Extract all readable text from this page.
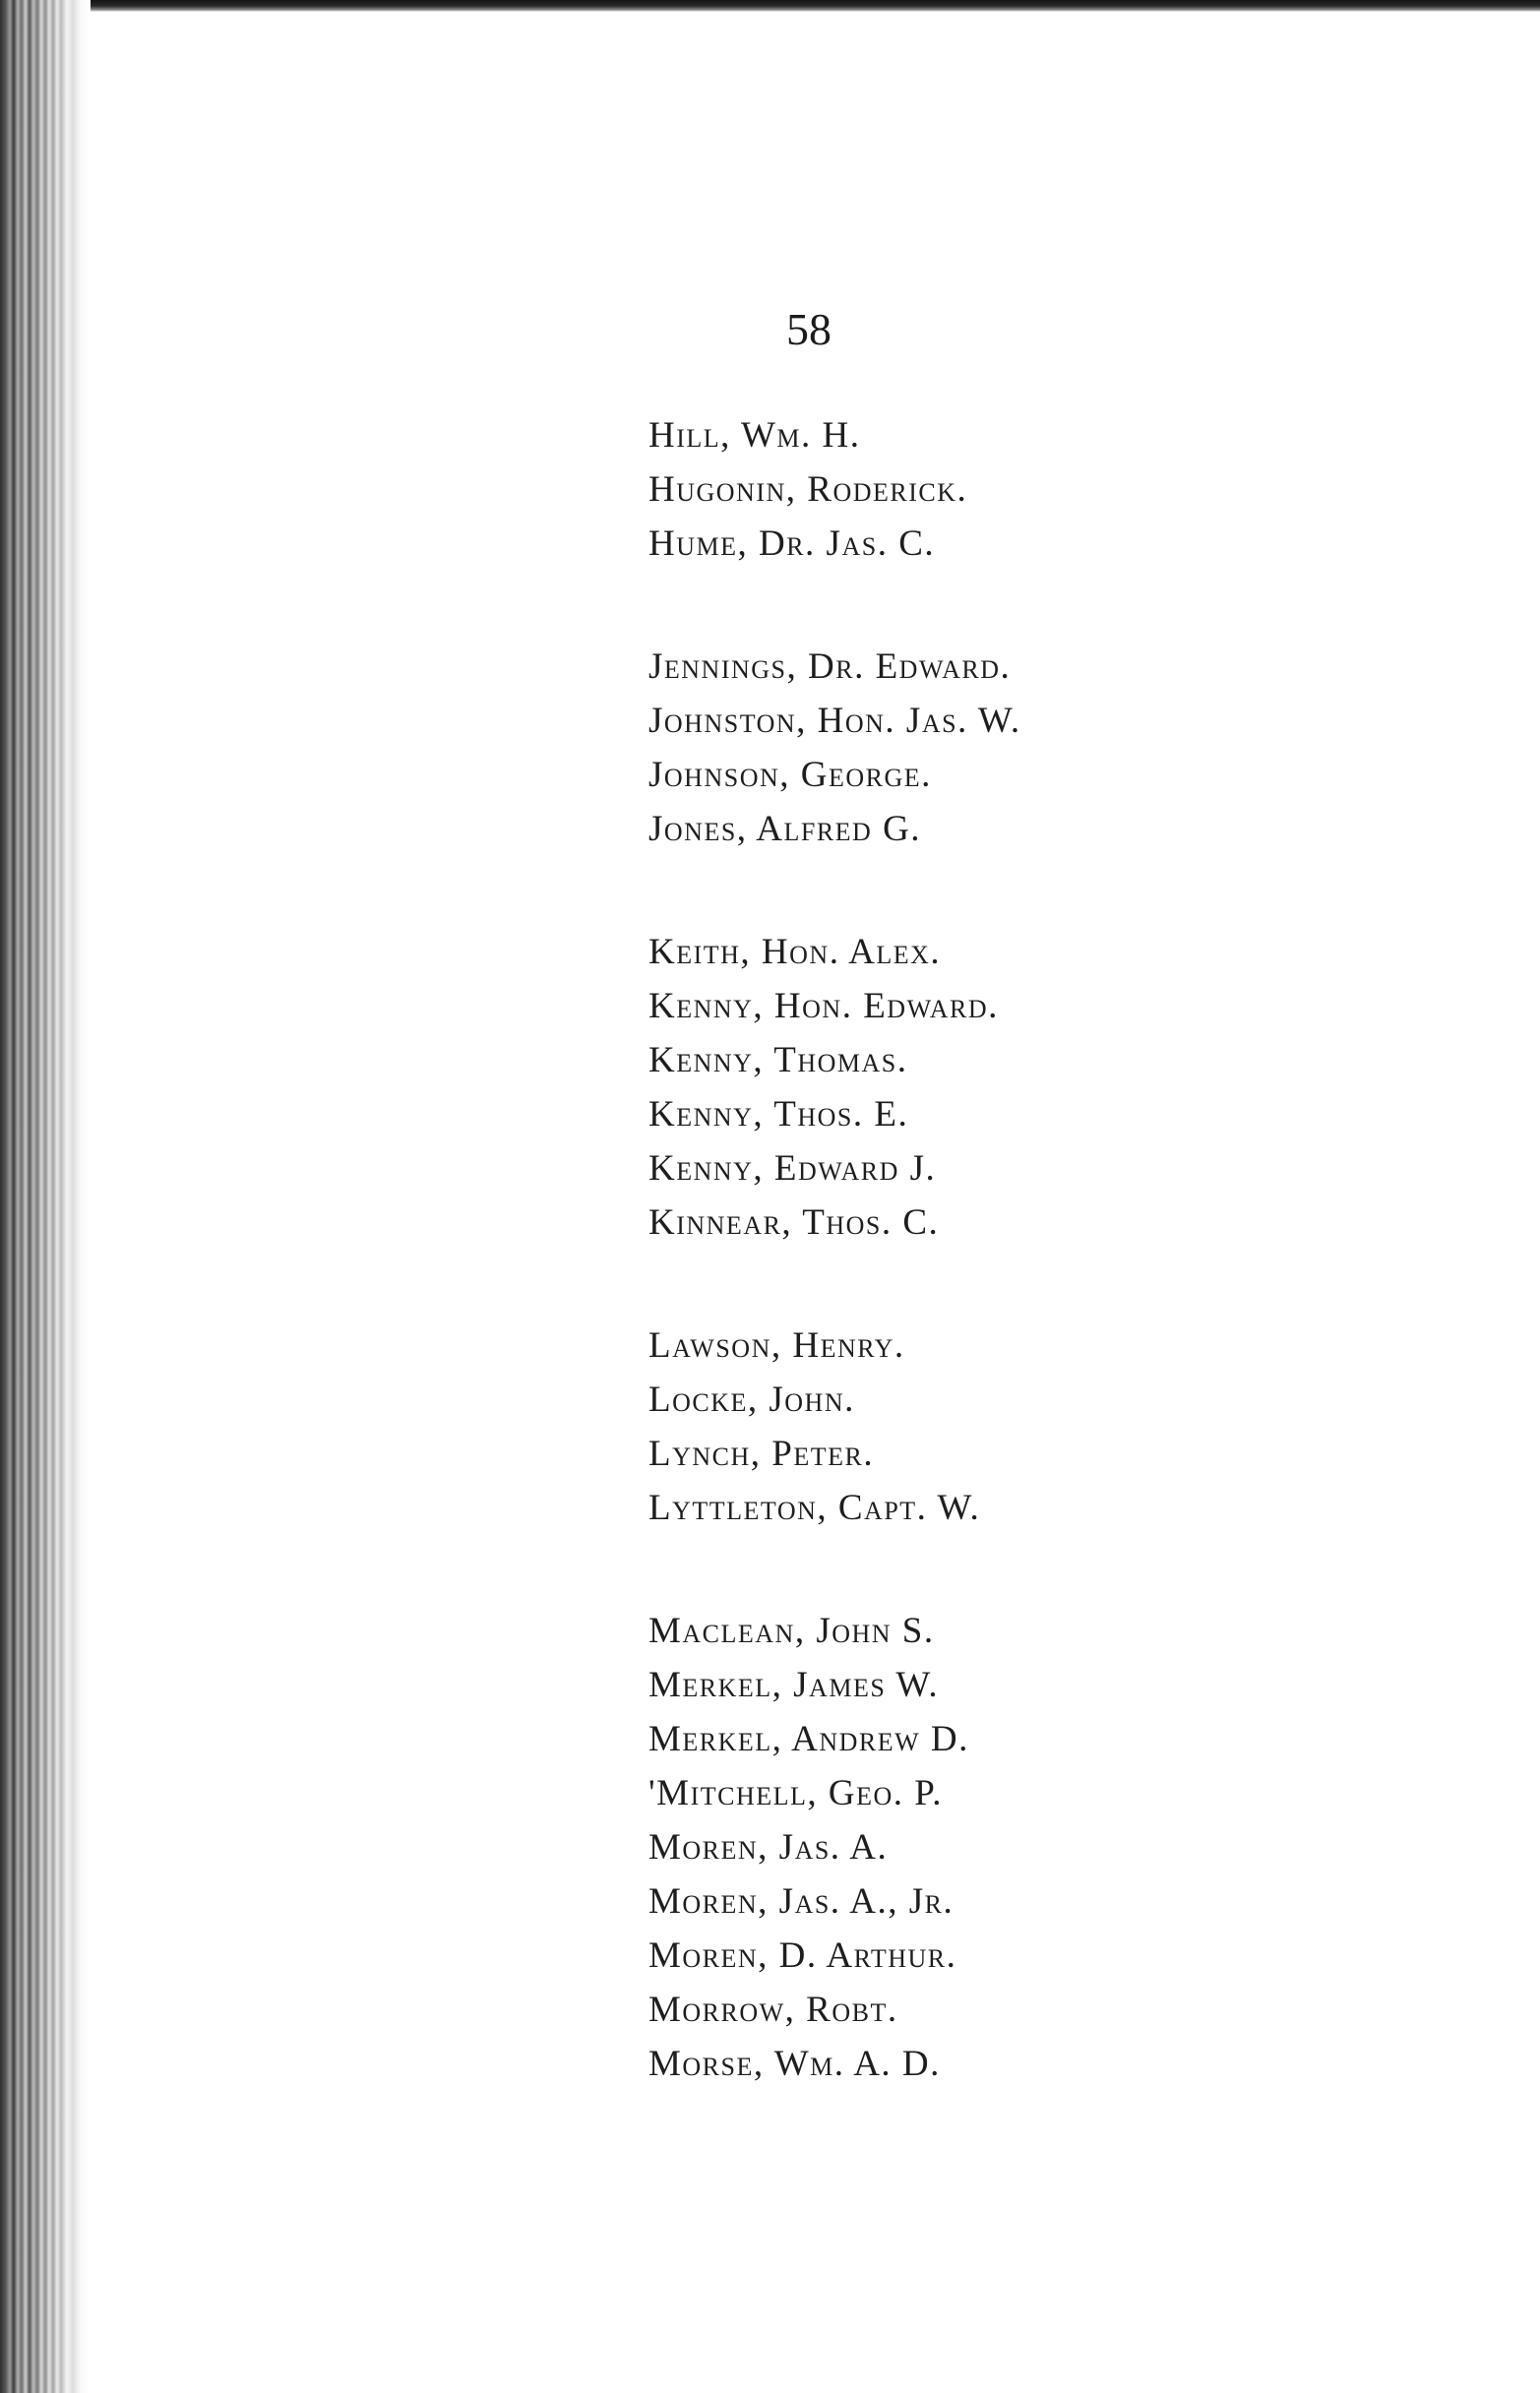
58

Hill, Wm. H.
Hugonin, Roderick.
Hume, Dr. Jas. C.
Jennings, Dr. Edward.
Johnston, Hon. Jas. W.
Johnson, George.
Jones, Alfred G.
Keith, Hon. Alex.
Kenny, Hon. Edward.
Kenny, Thomas.
Kenny, Thos. E.
Kenny, Edward J.
Kinnear, Thos. C.
Lawson, Henry.
Locke, John.
Lynch, Peter.
Lyttleton, Capt. W.
Maclean, John S.
Merkel, James W.
Merkel, Andrew D.
'Mitchell, Geo. P.
Moren, Jas. A.
Moren, Jas. A., Jr.
Moren, D. Arthur.
Morrow, Robt.
Morse, Wm. A. D.
